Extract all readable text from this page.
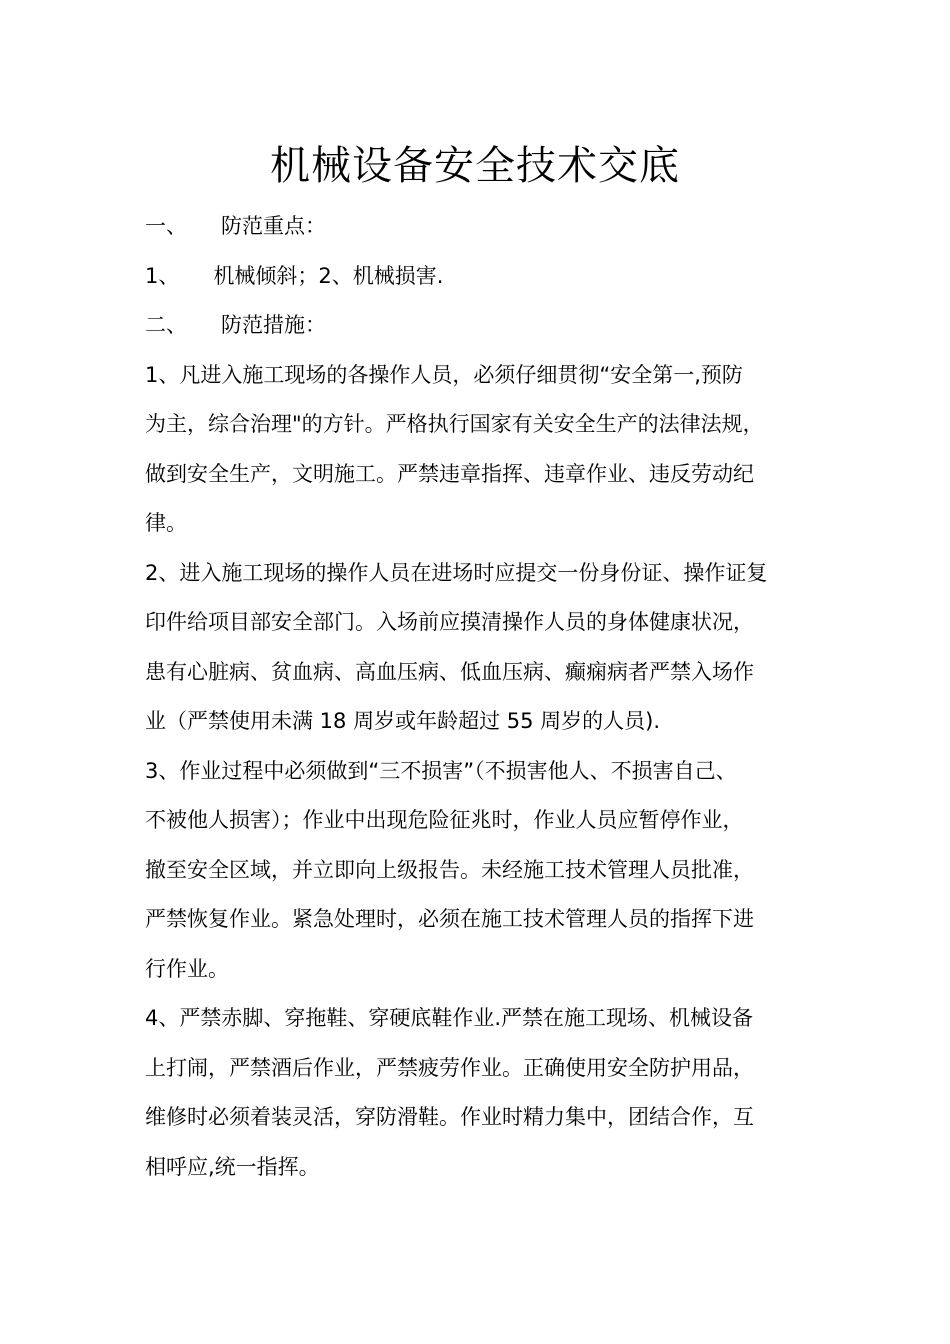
机械设备安全技术交底
一、 防范重点：
1、 机械倾斜；2、机械损害.
二、 防范措施：
1、凡进入施工现场的各操作人员，必须仔细贯彻“安全第一,预防
为主，综合治理"的方针。严格执行国家有关安全生产的法律法规，
做到安全生产，文明施工。严禁违章指挥、违章作业、违反劳动纪
律。
2、进入施工现场的操作人员在进场时应提交一份身份证、操作证复
印件给项目部安全部门。入场前应摸清操作人员的身体健康状况，
患有心脏病、贫血病、高血压病、低血压病、癫痫病者严禁入场作
业（严禁使用未满 18 周岁或年龄超过 55 周岁的人员).
3、作业过程中必须做到“三不损害”（不损害他人、不损害自己、
不被他人损害）；作业中出现危险征兆时，作业人员应暂停作业，
撤至安全区域，并立即向上级报告。未经施工技术管理人员批准，
严禁恢复作业。紧急处理时，必须在施工技术管理人员的指挥下进
行作业。
4、严禁赤脚、穿拖鞋、穿硬底鞋作业.严禁在施工现场、机械设备
上打闹，严禁酒后作业，严禁疲劳作业。正确使用安全防护用品，
维修时必须着装灵活，穿防滑鞋。作业时精力集中，团结合作，互
相呼应,统一指挥。
